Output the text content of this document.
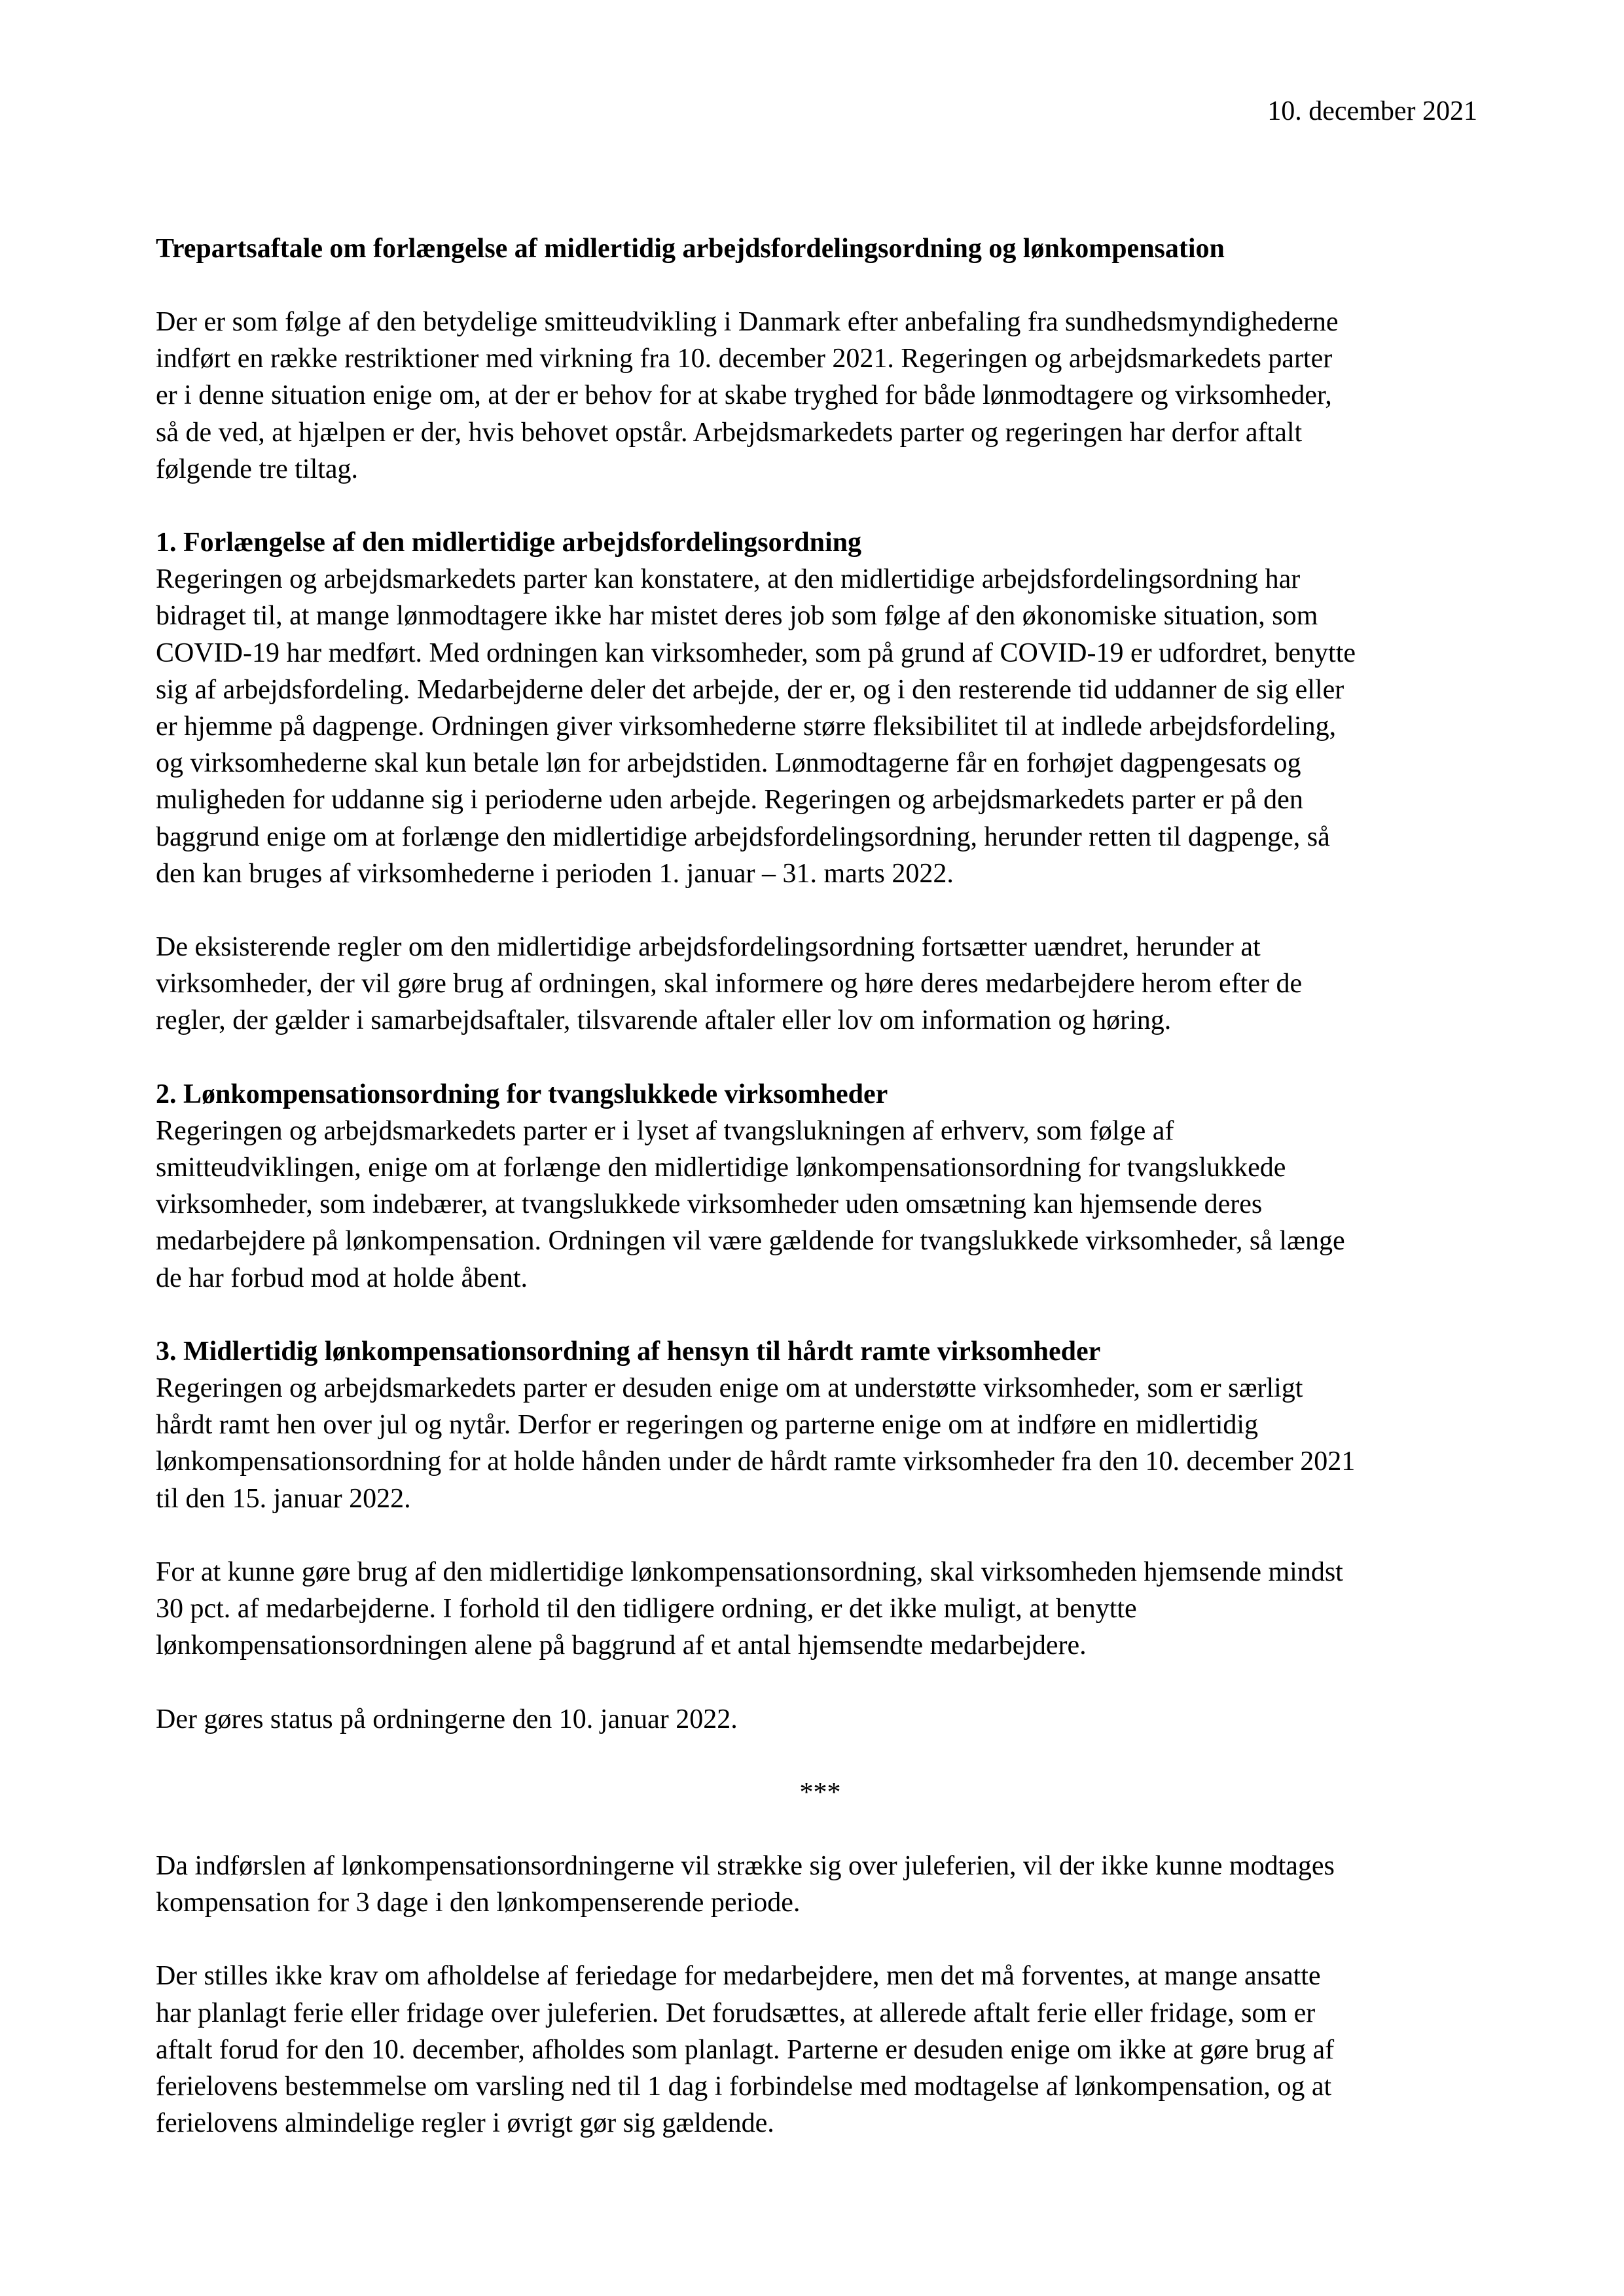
10. december 2021
Trepartsaftale om forlængelse af midlertidig arbejdsfordelingsordning og lønkompensation
Der er som følge af den betydelige smitteudvikling i Danmark efter anbefaling fra sundhedsmyndighederne
indført en række restriktioner med virkning fra 10. december 2021. Regeringen og arbejdsmarkedets parter
er i denne situation enige om, at der er behov for at skabe tryghed for både lønmodtagere og virksomheder,
så de ved, at hjælpen er der, hvis behovet opstår. Arbejdsmarkedets parter og regeringen har derfor aftalt
følgende tre tiltag.
1. Forlængelse af den midlertidige arbejdsfordelingsordning
Regeringen og arbejdsmarkedets parter kan konstatere, at den midlertidige arbejdsfordelingsordning har
bidraget til, at mange lønmodtagere ikke har mistet deres job som følge af den økonomiske situation, som
COVID-19 har medført. Med ordningen kan virksomheder, som på grund af COVID-19 er udfordret, benytte
sig af arbejdsfordeling. Medarbejderne deler det arbejde, der er, og i den resterende tid uddanner de sig eller
er hjemme på dagpenge. Ordningen giver virksomhederne større fleksibilitet til at indlede arbejdsfordeling,
og virksomhederne skal kun betale løn for arbejdstiden. Lønmodtagerne får en forhøjet dagpengesats og
muligheden for uddanne sig i perioderne uden arbejde. Regeringen og arbejdsmarkedets parter er på den
baggrund enige om at forlænge den midlertidige arbejdsfordelingsordning, herunder retten til dagpenge, så
den kan bruges af virksomhederne i perioden 1. januar – 31. marts 2022.
De eksisterende regler om den midlertidige arbejdsfordelingsordning fortsætter uændret, herunder at
virksomheder, der vil gøre brug af ordningen, skal informere og høre deres medarbejdere herom efter de
regler, der gælder i samarbejdsaftaler, tilsvarende aftaler eller lov om information og høring.
2. Lønkompensationsordning for tvangslukkede virksomheder
Regeringen og arbejdsmarkedets parter er i lyset af tvangslukningen af erhverv, som følge af
smitteudviklingen, enige om at forlænge den midlertidige lønkompensationsordning for tvangslukkede
virksomheder, som indebærer, at tvangslukkede virksomheder uden omsætning kan hjemsende deres
medarbejdere på lønkompensation. Ordningen vil være gældende for tvangslukkede virksomheder, så længe
de har forbud mod at holde åbent.
3. Midlertidig lønkompensationsordning af hensyn til hårdt ramte virksomheder
Regeringen og arbejdsmarkedets parter er desuden enige om at understøtte virksomheder, som er særligt
hårdt ramt hen over jul og nytår. Derfor er regeringen og parterne enige om at indføre en midlertidig
lønkompensationsordning for at holde hånden under de hårdt ramte virksomheder fra den 10. december 2021
til den 15. januar 2022.
For at kunne gøre brug af den midlertidige lønkompensationsordning, skal virksomheden hjemsende mindst
30 pct. af medarbejderne. I forhold til den tidligere ordning, er det ikke muligt, at benytte
lønkompensationsordningen alene på baggrund af et antal hjemsendte medarbejdere.
Der gøres status på ordningerne den 10. januar 2022.
***
Da indførslen af lønkompensationsordningerne vil strække sig over juleferien, vil der ikke kunne modtages
kompensation for 3 dage i den lønkompenserende periode.
Der stilles ikke krav om afholdelse af feriedage for medarbejdere, men det må forventes, at mange ansatte
har planlagt ferie eller fridage over juleferien. Det forudsættes, at allerede aftalt ferie eller fridage, som er
aftalt forud for den 10. december, afholdes som planlagt. Parterne er desuden enige om ikke at gøre brug af
ferielovens bestemmelse om varsling ned til 1 dag i forbindelse med modtagelse af lønkompensation, og at
ferielovens almindelige regler i øvrigt gør sig gældende.
